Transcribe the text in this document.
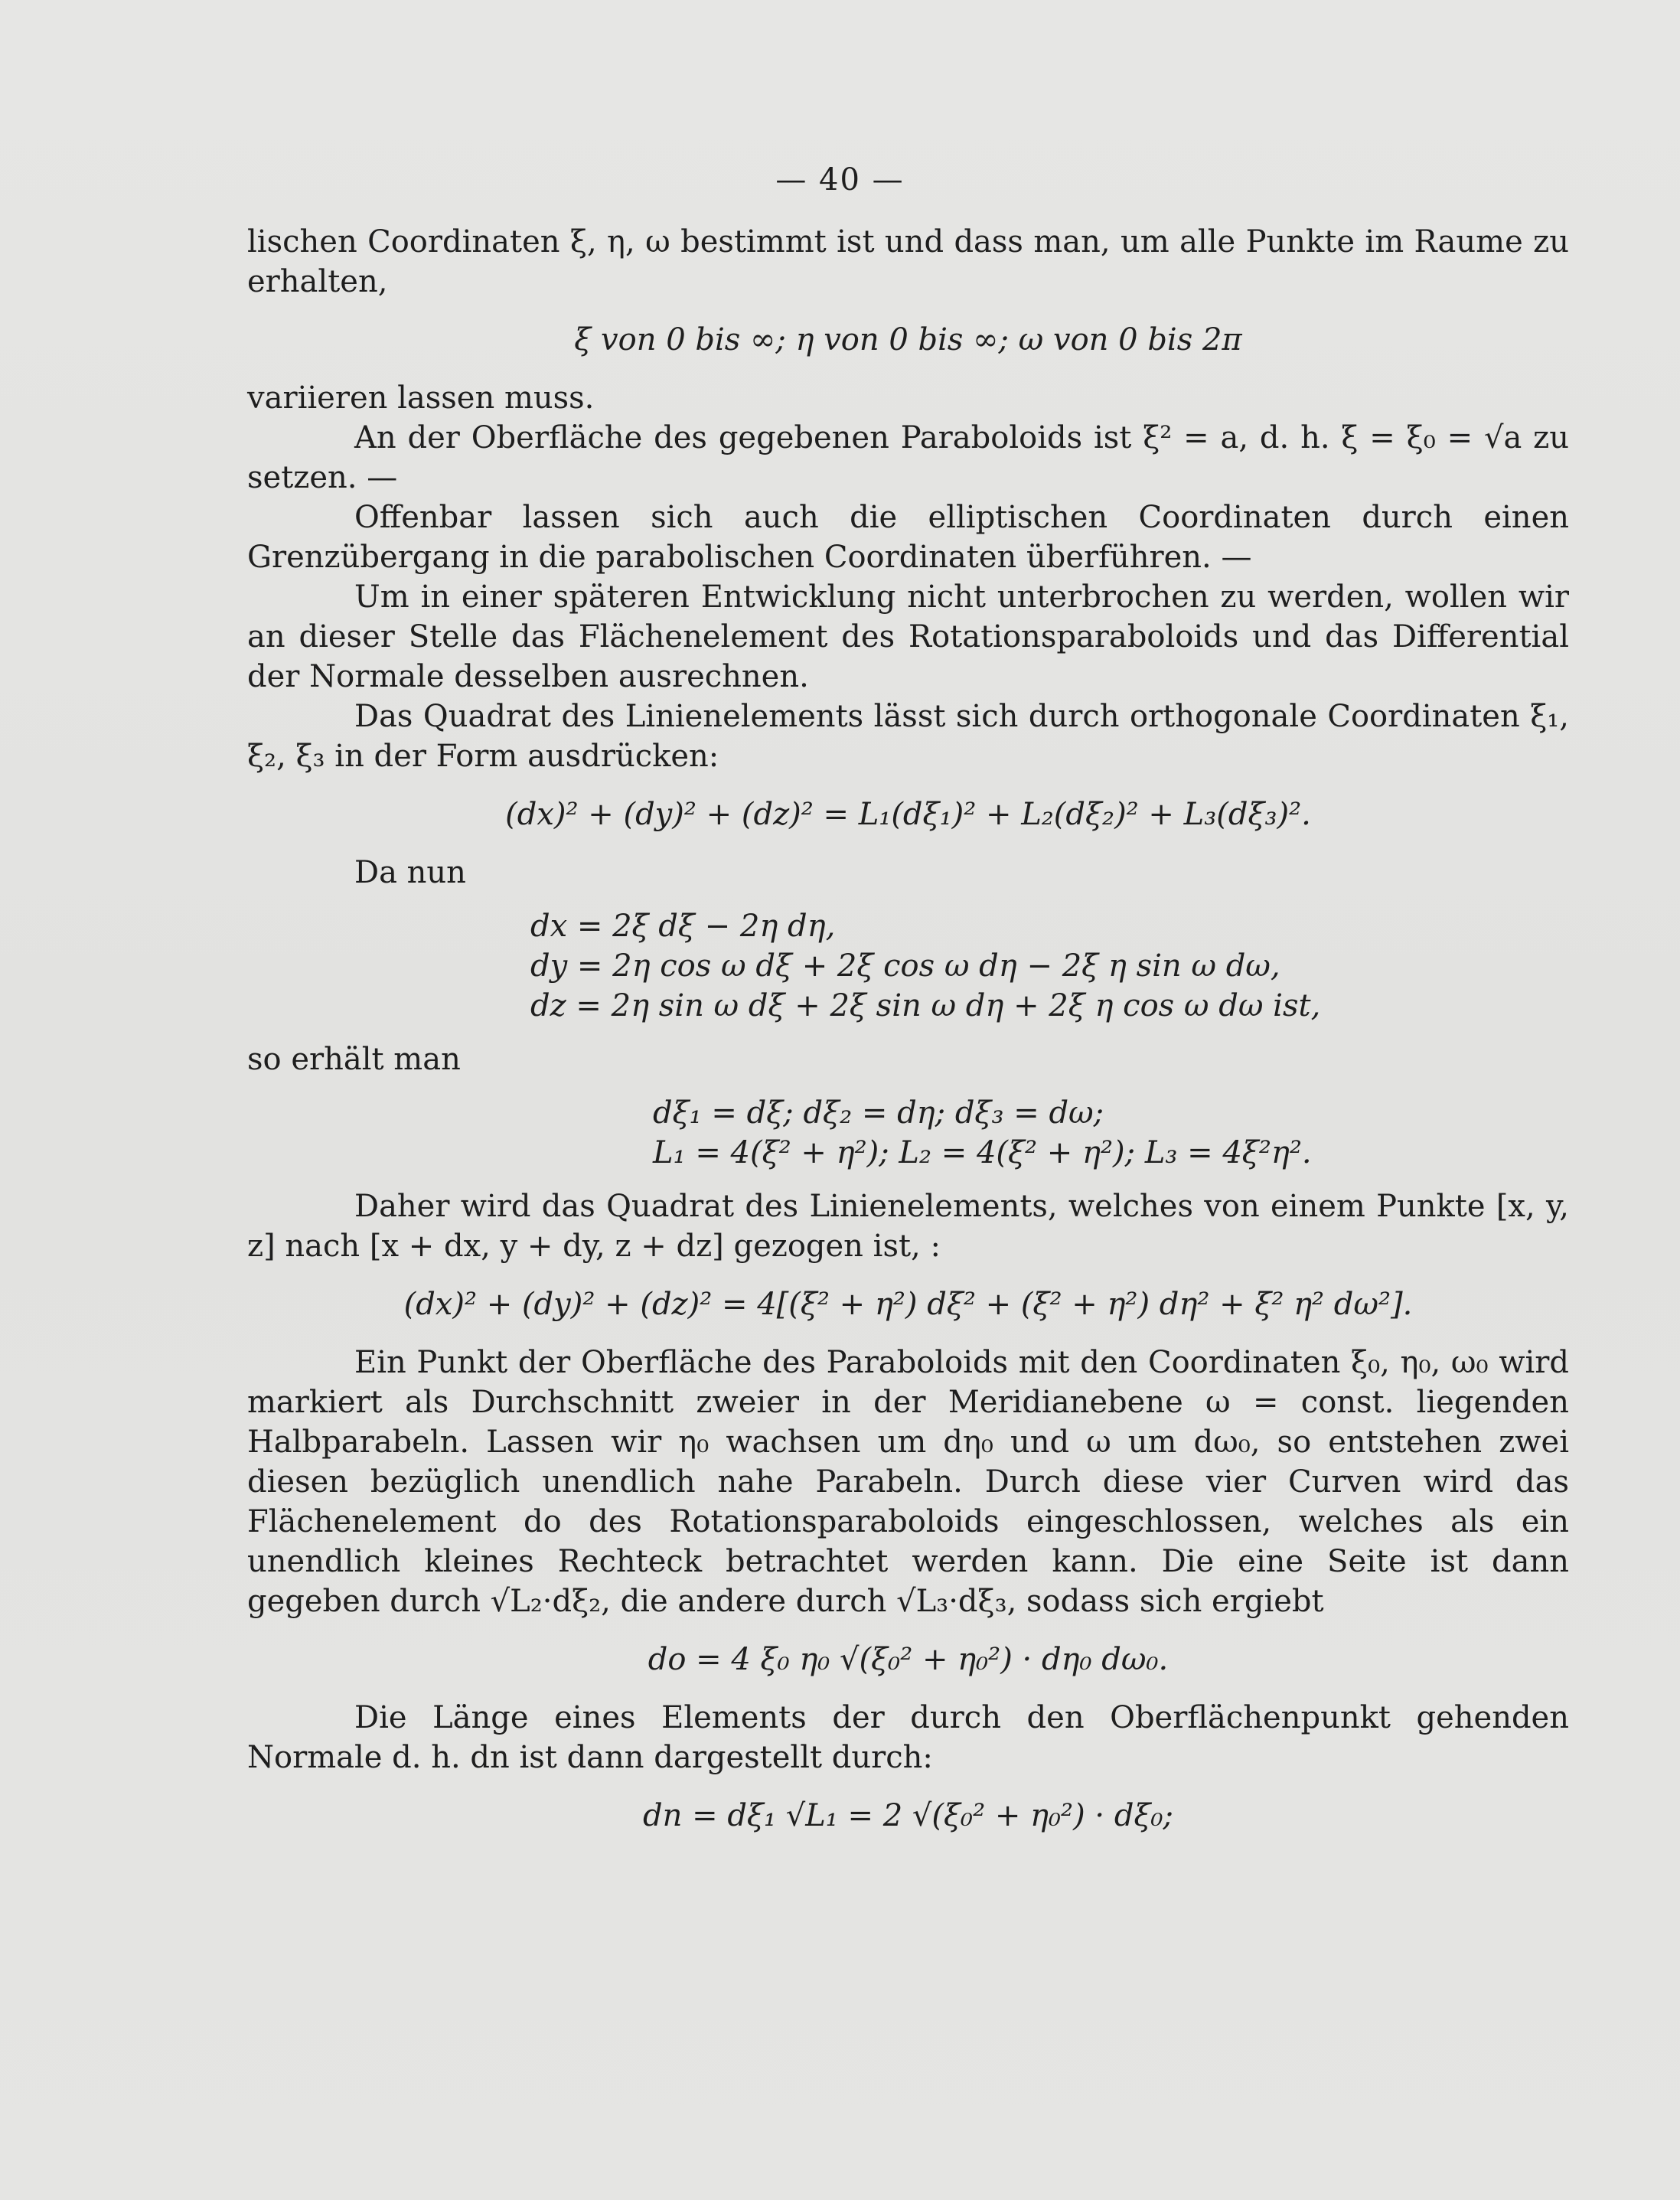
— 40 —

lischen Coordinaten ξ, η, ω bestimmt ist und dass man, um alle Punkte im Raume zu erhalten,

ξ von 0 bis ∞; η von 0 bis ∞; ω von 0 bis 2π

variieren lassen muss.

An der Oberfläche des gegebenen Paraboloids ist ξ² = a, d. h. ξ = ξ₀ = √a zu setzen. —

Offenbar lassen sich auch die elliptischen Coordinaten durch einen Grenzübergang in die parabolischen Coordinaten überführen. —

Um in einer späteren Entwicklung nicht unterbrochen zu werden, wollen wir an dieser Stelle das Flächenelement des Rotationsparaboloids und das Differential der Normale desselben ausrechnen.

Das Quadrat des Linienelements lässt sich durch orthogonale Coordinaten ξ₁, ξ₂, ξ₃ in der Form ausdrücken:

(dx)² + (dy)² + (dz)² = L₁(dξ₁)² + L₂(dξ₂)² + L₃(dξ₃)².

Da nun

dx = 2ξ dξ − 2η dη,
dy = 2η cos ω dξ + 2ξ cos ω dη − 2ξ η sin ω dω,
dz = 2η sin ω dξ + 2ξ sin ω dη + 2ξ η cos ω dω ist,

so erhält man

dξ₁ = dξ; dξ₂ = dη; dξ₃ = dω;
L₁ = 4(ξ² + η²); L₂ = 4(ξ² + η²); L₃ = 4ξ²η².

Daher wird das Quadrat des Linienelements, welches von einem Punkte [x, y, z] nach [x + dx, y + dy, z + dz] gezogen ist, :

(dx)² + (dy)² + (dz)² = 4[(ξ² + η²) dξ² + (ξ² + η²) dη² + ξ² η² dω²].

Ein Punkt der Oberfläche des Paraboloids mit den Coordinaten ξ₀, η₀, ω₀ wird markiert als Durchschnitt zweier in der Meridianebene ω = const. liegenden Halbparabeln. Lassen wir η₀ wachsen um dη₀ und ω um dω₀, so entstehen zwei diesen bezüglich unendlich nahe Parabeln. Durch diese vier Curven wird das Flächenelement do des Rotationsparaboloids eingeschlossen, welches als ein unendlich kleines Rechteck betrachtet werden kann. Die eine Seite ist dann gegeben durch √L₂·dξ₂, die andere durch √L₃·dξ₃, sodass sich ergiebt

do = 4 ξ₀ η₀ √(ξ₀² + η₀²) · dη₀ dω₀.

Die Länge eines Elements der durch den Oberflächenpunkt gehenden Normale d. h. dn ist dann dargestellt durch:

dn = dξ₁ √L₁ = 2 √(ξ₀² + η₀²) · dξ₀;
